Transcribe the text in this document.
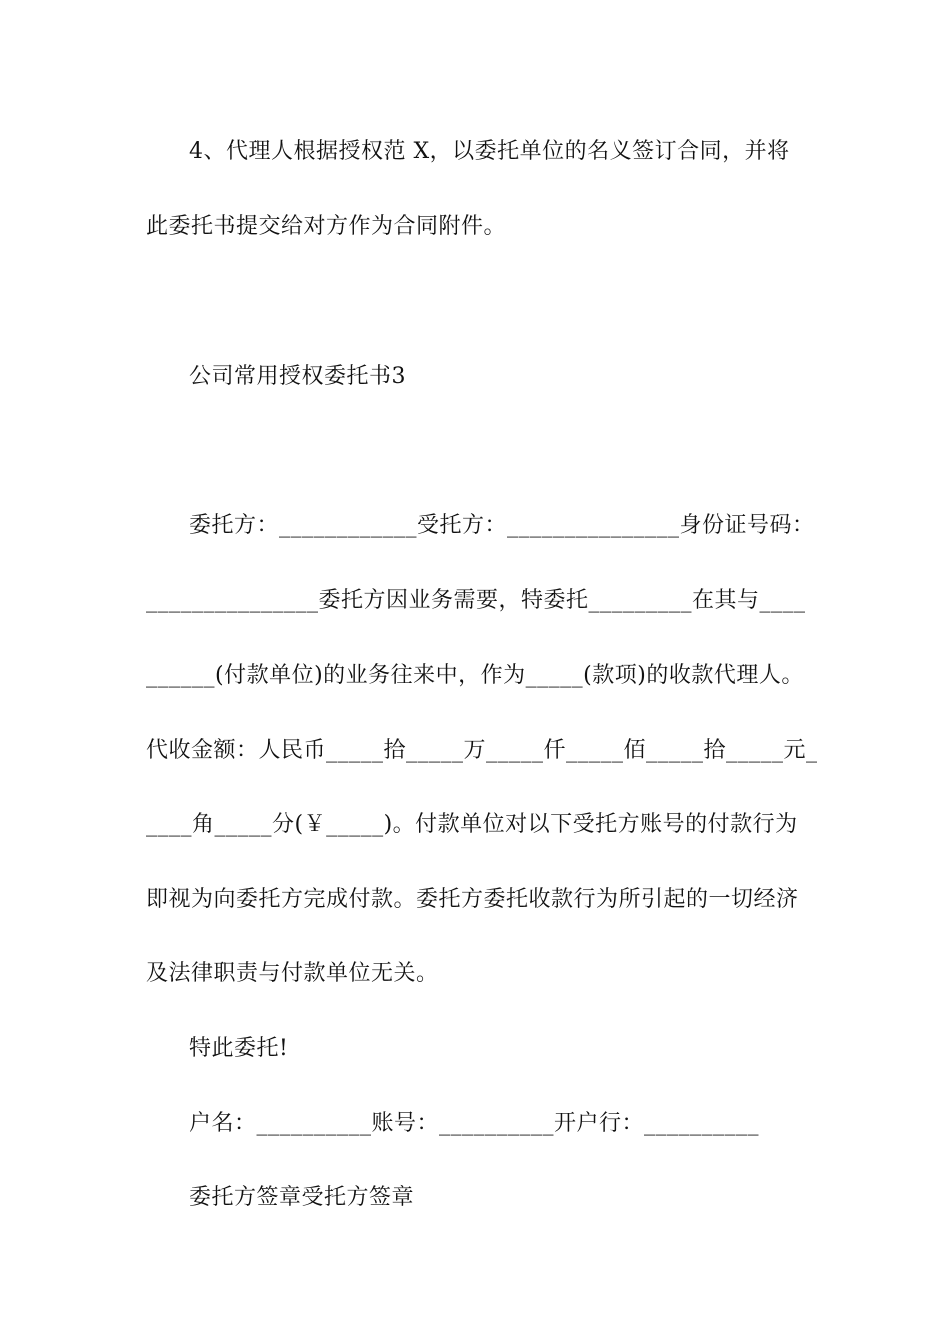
4、代理人根据授权范 X，以委托单位的名义签订合同，并将
此委托书提交给对方作为合同附件。
公司常用授权委托书3
委托方：____________受托方：_______________身份证号码：
_______________委托方因业务需要，特委托_________在其与____
______(付款单位)的业务往来中，作为_____(款项)的收款代理人。
代收金额：人民币_____拾_____万_____仟_____佰_____拾_____元_
____角_____分(￥_____)。付款单位对以下受托方账号的付款行为
即视为向委托方完成付款。委托方委托收款行为所引起的一切经济
及法律职责与付款单位无关。
特此委托!
户名：__________账号：__________开户行：__________
委托方签章受托方签章
